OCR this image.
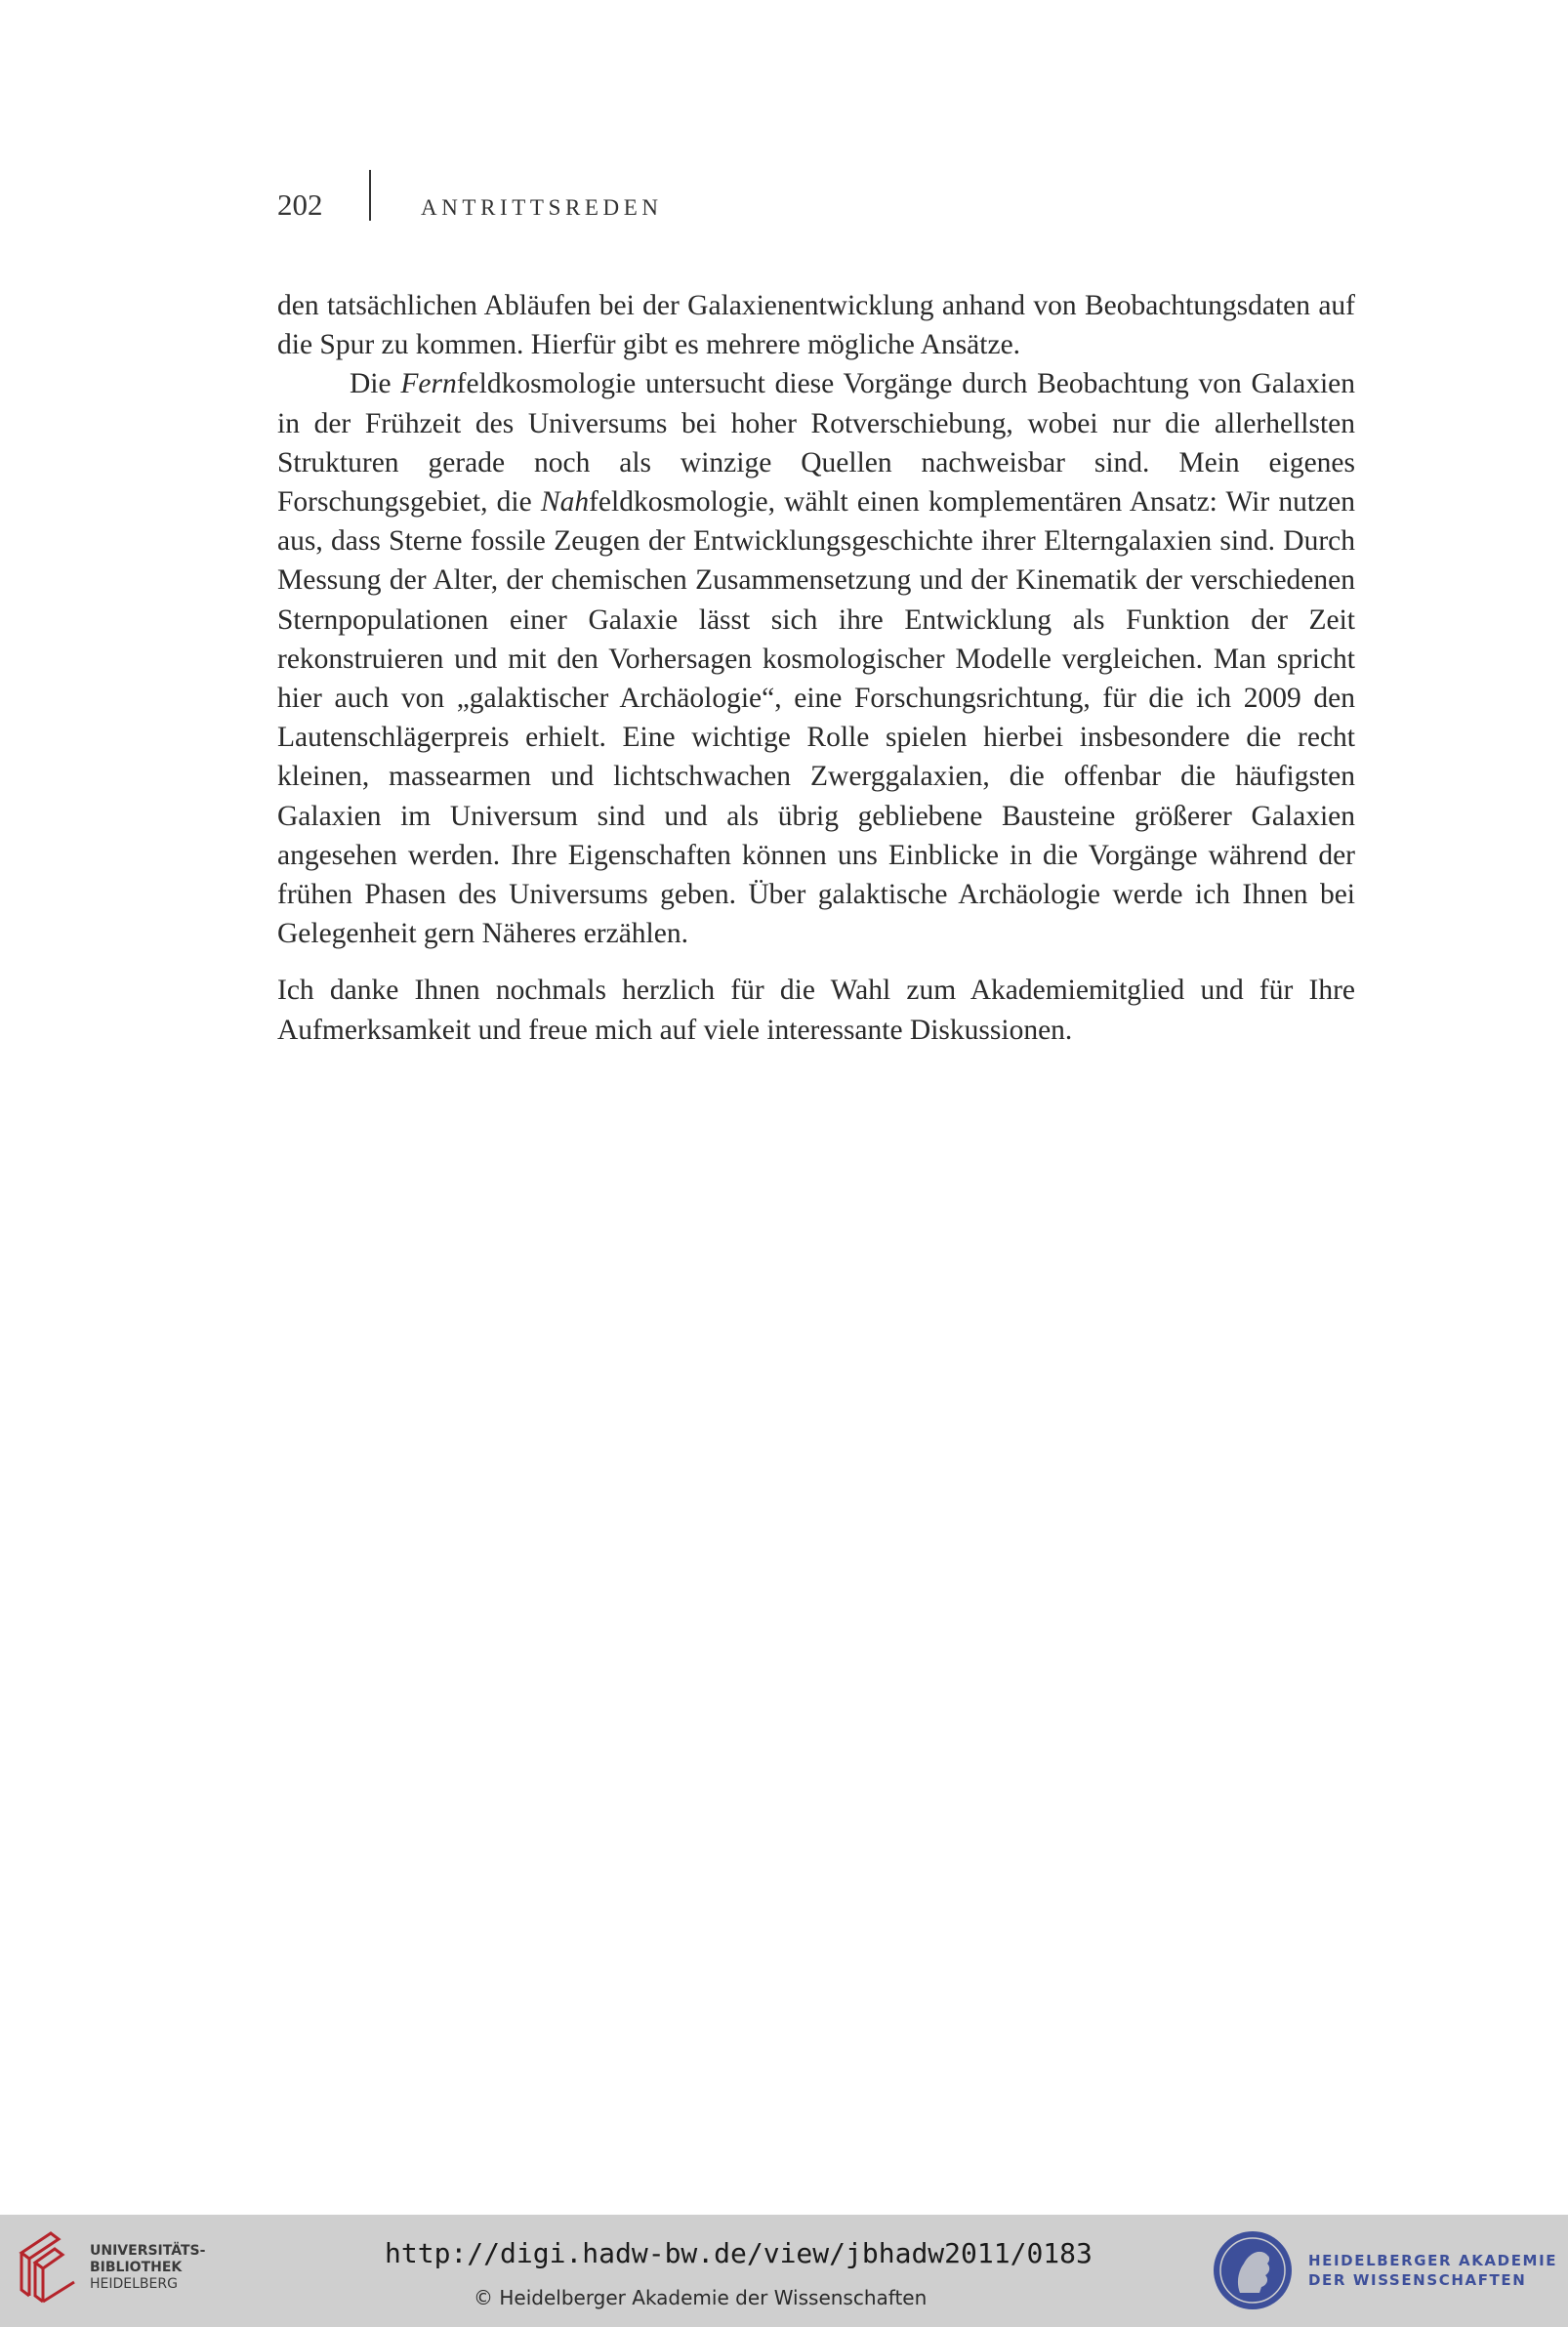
202	ANTRITTSREDEN

den tatsächlichen Abläufen bei der Galaxienentwicklung anhand von Beobachtungsdaten auf die Spur zu kommen. Hierfür gibt es mehrere mögliche Ansätze.

Die Fernfeldkosmologie untersucht diese Vorgänge durch Beobachtung von Galaxien in der Frühzeit des Universums bei hoher Rotverschiebung, wobei nur die allerhellsten Strukturen gerade noch als winzige Quellen nachweisbar sind. Mein eigenes Forschungsgebiet, die Nahfeldkosmologie, wählt einen komplementären Ansatz: Wir nutzen aus, dass Sterne fossile Zeugen der Entwicklungsgeschichte ihrer Elterngalaxien sind. Durch Messung der Alter, der chemischen Zusammensetzung und der Kinematik der verschiedenen Sternpopulationen einer Galaxie lässt sich ihre Entwicklung als Funktion der Zeit rekonstruieren und mit den Vorhersagen kosmologischer Modelle vergleichen. Man spricht hier auch von „galaktischer Archäologie“, eine Forschungsrichtung, für die ich 2009 den Lautenschlägerpreis erhielt. Eine wichtige Rolle spielen hierbei insbesondere die recht kleinen, massearmen und lichtschwachen Zwerggalaxien, die offenbar die häufigsten Galaxien im Universum sind und als übrig gebliebene Bausteine größerer Galaxien angesehen werden. Ihre Eigenschaften können uns Einblicke in die Vorgänge während der frühen Phasen des Universums geben. Über galaktische Archäologie werde ich Ihnen bei Gelegenheit gern Näheres erzählen.

Ich danke Ihnen nochmals herzlich für die Wahl zum Akademiemitglied und für Ihre Aufmerksamkeit und freue mich auf viele interessante Diskussionen.

UNIVERSITÄTS-
BIBLIOTHEK
HEIDELBERG
http://digi.hadw-bw.de/view/jbhadw2011/0183
© Heidelberger Akademie der Wissenschaften
HEIDELBERGER AKADEMIE
DER WISSENSCHAFTEN
